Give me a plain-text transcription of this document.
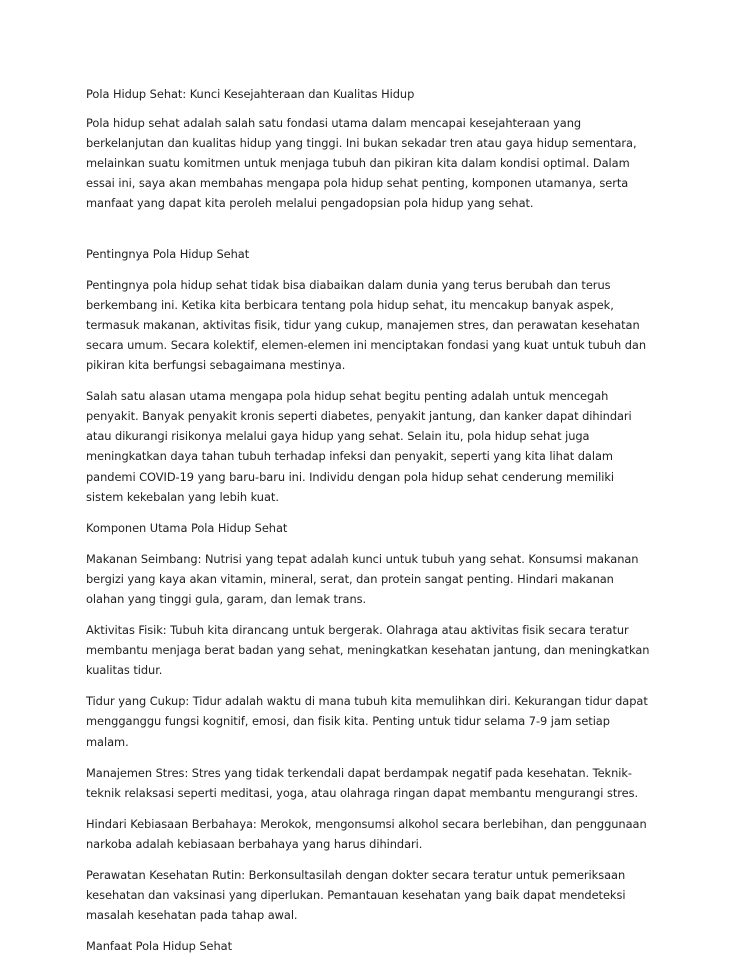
Pola Hidup Sehat: Kunci Kesejahteraan dan Kualitas Hidup

Pola hidup sehat adalah salah satu fondasi utama dalam mencapai kesejahteraan yang berkelanjutan dan kualitas hidup yang tinggi. Ini bukan sekadar tren atau gaya hidup sementara, melainkan suatu komitmen untuk menjaga tubuh dan pikiran kita dalam kondisi optimal. Dalam essai ini, saya akan membahas mengapa pola hidup sehat penting, komponen utamanya, serta manfaat yang dapat kita peroleh melalui pengadopsian pola hidup yang sehat.

Pentingnya Pola Hidup Sehat

Pentingnya pola hidup sehat tidak bisa diabaikan dalam dunia yang terus berubah dan terus berkembang ini. Ketika kita berbicara tentang pola hidup sehat, itu mencakup banyak aspek, termasuk makanan, aktivitas fisik, tidur yang cukup, manajemen stres, dan perawatan kesehatan secara umum. Secara kolektif, elemen-elemen ini menciptakan fondasi yang kuat untuk tubuh dan pikiran kita berfungsi sebagaimana mestinya.

Salah satu alasan utama mengapa pola hidup sehat begitu penting adalah untuk mencegah penyakit. Banyak penyakit kronis seperti diabetes, penyakit jantung, dan kanker dapat dihindari atau dikurangi risikonya melalui gaya hidup yang sehat. Selain itu, pola hidup sehat juga meningkatkan daya tahan tubuh terhadap infeksi dan penyakit, seperti yang kita lihat dalam pandemi COVID-19 yang baru-baru ini. Individu dengan pola hidup sehat cenderung memiliki sistem kekebalan yang lebih kuat.

Komponen Utama Pola Hidup Sehat

Makanan Seimbang: Nutrisi yang tepat adalah kunci untuk tubuh yang sehat. Konsumsi makanan bergizi yang kaya akan vitamin, mineral, serat, dan protein sangat penting. Hindari makanan olahan yang tinggi gula, garam, dan lemak trans.

Aktivitas Fisik: Tubuh kita dirancang untuk bergerak. Olahraga atau aktivitas fisik secara teratur membantu menjaga berat badan yang sehat, meningkatkan kesehatan jantung, dan meningkatkan kualitas tidur.

Tidur yang Cukup: Tidur adalah waktu di mana tubuh kita memulihkan diri. Kekurangan tidur dapat mengganggu fungsi kognitif, emosi, dan fisik kita. Penting untuk tidur selama 7-9 jam setiap malam.

Manajemen Stres: Stres yang tidak terkendali dapat berdampak negatif pada kesehatan. Teknik-teknik relaksasi seperti meditasi, yoga, atau olahraga ringan dapat membantu mengurangi stres.

Hindari Kebiasaan Berbahaya: Merokok, mengonsumsi alkohol secara berlebihan, dan penggunaan narkoba adalah kebiasaan berbahaya yang harus dihindari.

Perawatan Kesehatan Rutin: Berkonsultasilah dengan dokter secara teratur untuk pemeriksaan kesehatan dan vaksinasi yang diperlukan. Pemantauan kesehatan yang baik dapat mendeteksi masalah kesehatan pada tahap awal.

Manfaat Pola Hidup Sehat
